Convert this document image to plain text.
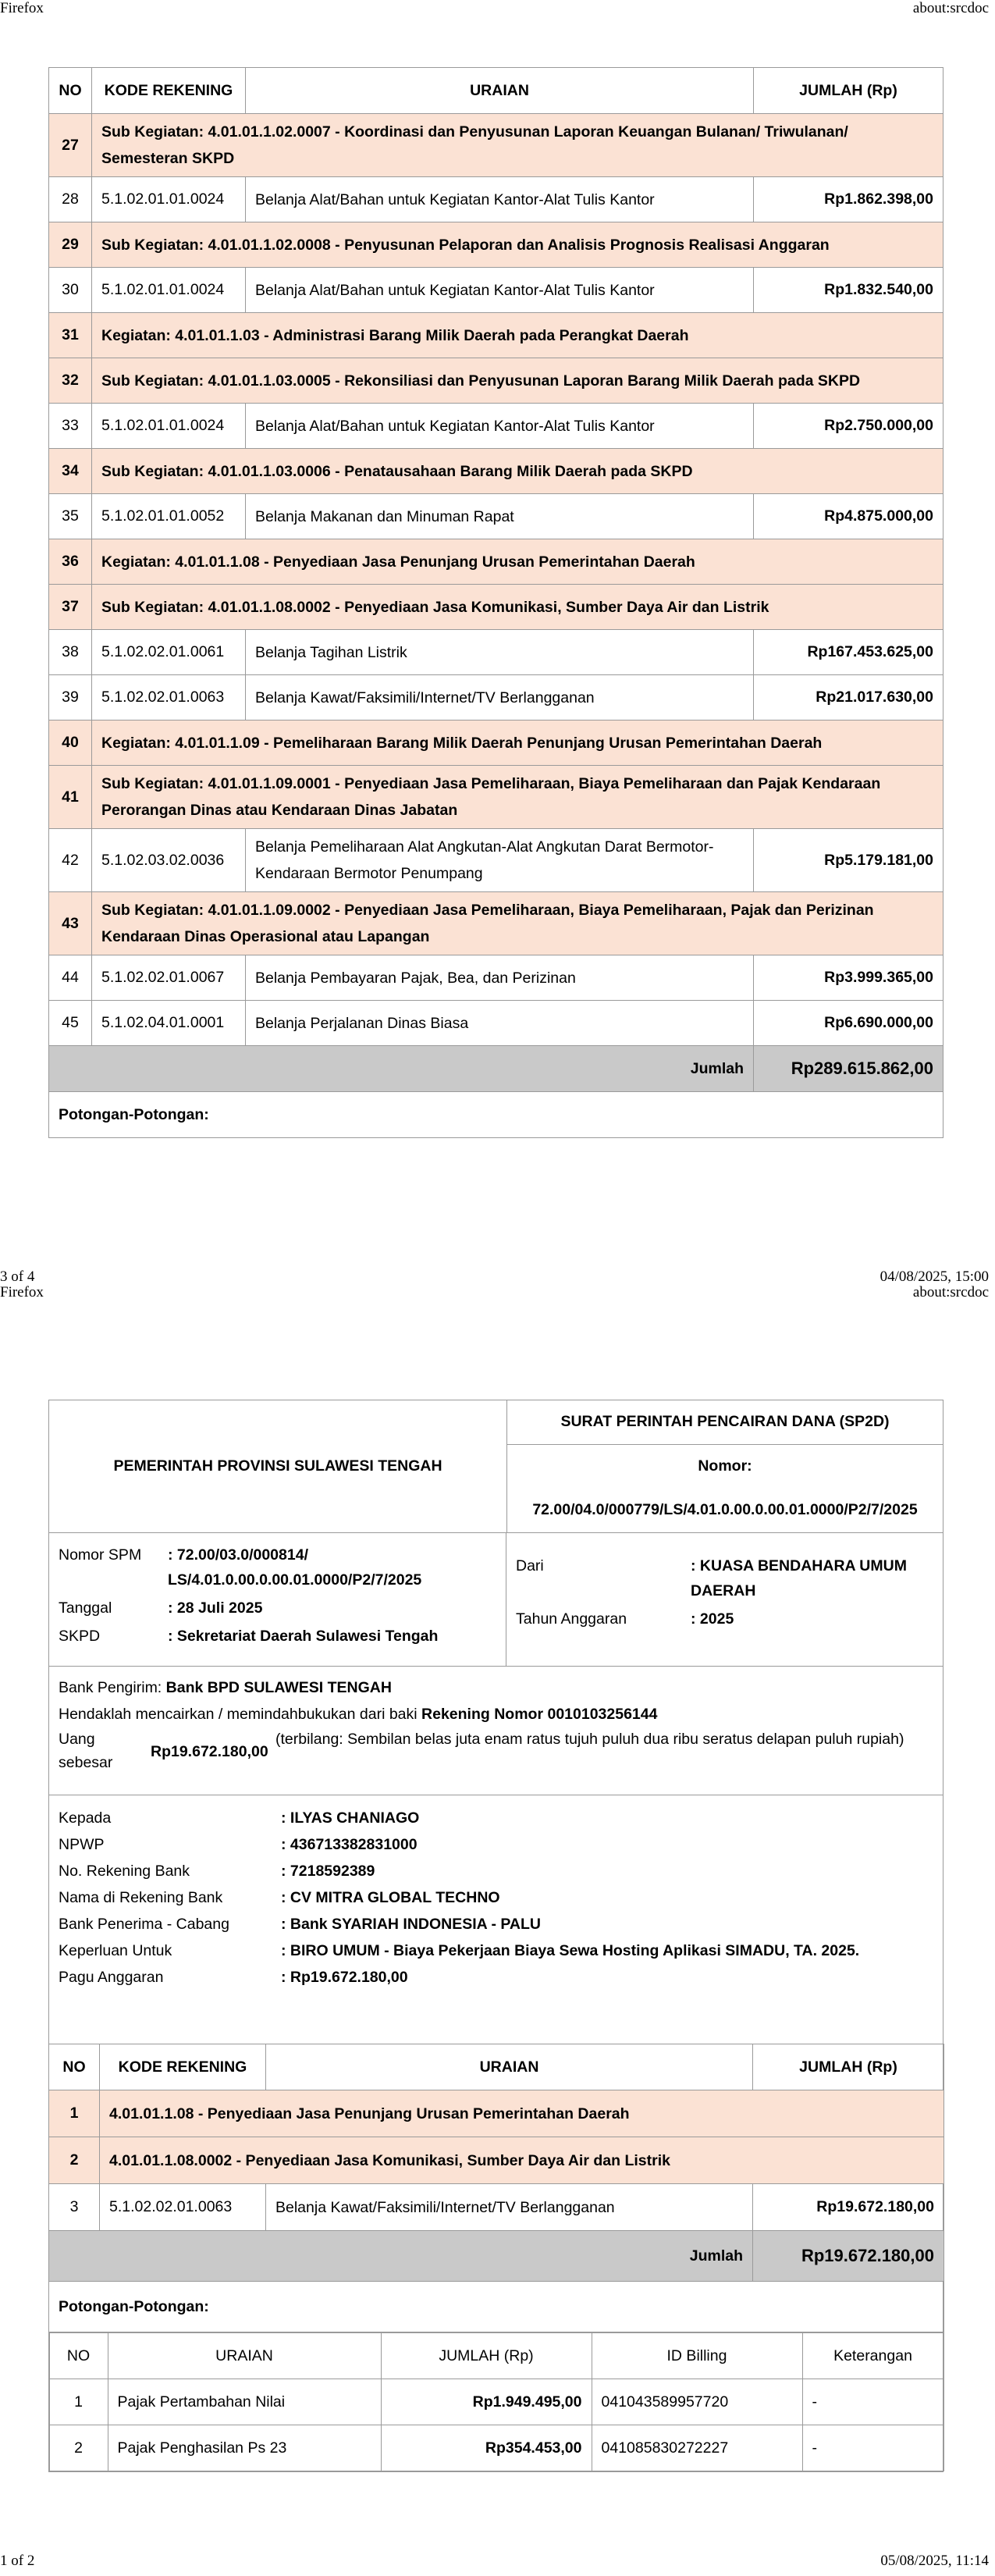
Firefox	about:srcdoc
NO	KODE REKENING	URAIAN	JUMLAH (Rp)
27	Sub Kegiatan: 4.01.01.1.02.0007 - Koordinasi dan Penyusunan Laporan Keuangan Bulanan/ Triwulanan/ Semesteran SKPD		
28	5.1.02.01.01.0024	Belanja Alat/Bahan untuk Kegiatan Kantor-Alat Tulis Kantor	Rp1.862.398,00
29	Sub Kegiatan: 4.01.01.1.02.0008 - Penyusunan Pelaporan dan Analisis Prognosis Realisasi Anggaran		
30	5.1.02.01.01.0024	Belanja Alat/Bahan untuk Kegiatan Kantor-Alat Tulis Kantor	Rp1.832.540,00
31	Kegiatan: 4.01.01.1.03 - Administrasi Barang Milik Daerah pada Perangkat Daerah		
32	Sub Kegiatan: 4.01.01.1.03.0005 - Rekonsiliasi dan Penyusunan Laporan Barang Milik Daerah pada SKPD		
33	5.1.02.01.01.0024	Belanja Alat/Bahan untuk Kegiatan Kantor-Alat Tulis Kantor	Rp2.750.000,00
34	Sub Kegiatan: 4.01.01.1.03.0006 - Penatausahaan Barang Milik Daerah pada SKPD		
35	5.1.02.01.01.0052	Belanja Makanan dan Minuman Rapat	Rp4.875.000,00
36	Kegiatan: 4.01.01.1.08 - Penyediaan Jasa Penunjang Urusan Pemerintahan Daerah		
37	Sub Kegiatan: 4.01.01.1.08.0002 - Penyediaan Jasa Komunikasi, Sumber Daya Air dan Listrik		
38	5.1.02.02.01.0061	Belanja Tagihan Listrik	Rp167.453.625,00
39	5.1.02.02.01.0063	Belanja Kawat/Faksimili/Internet/TV Berlangganan	Rp21.017.630,00
40	Kegiatan: 4.01.01.1.09 - Pemeliharaan Barang Milik Daerah Penunjang Urusan Pemerintahan Daerah		
41	Sub Kegiatan: 4.01.01.1.09.0001 - Penyediaan Jasa Pemeliharaan, Biaya Pemeliharaan dan Pajak Kendaraan Perorangan Dinas atau Kendaraan Dinas Jabatan		
42	5.1.02.03.02.0036	Belanja Pemeliharaan Alat Angkutan-Alat Angkutan Darat Bermotor-Kendaraan Bermotor Penumpang	Rp5.179.181,00
43	Sub Kegiatan: 4.01.01.1.09.0002 - Penyediaan Jasa Pemeliharaan, Biaya Pemeliharaan, Pajak dan Perizinan Kendaraan Dinas Operasional atau Lapangan		
44	5.1.02.02.01.0067	Belanja Pembayaran Pajak, Bea, dan Perizinan	Rp3.999.365,00
45	5.1.02.04.01.0001	Belanja Perjalanan Dinas Biasa	Rp6.690.000,00
Jumlah			Rp289.615.862,00
Potongan-Potongan:			
3 of 4	04/08/2025, 15:00
Firefox	about:srcdoc
PEMERINTAH PROVINSI SULAWESI TENGAH
SURAT PERINTAH PENCAIRAN DANA (SP2D)
Nomor:
72.00/04.0/000779/LS/4.01.0.00.0.00.01.0000/P2/7/2025
Nomor SPM	: 72.00/03.0/000814/ LS/4.01.0.00.0.00.01.0000/P2/7/2025
Tanggal	: 28 Juli 2025
SKPD	: Sekretariat Daerah Sulawesi Tengah
Dari	: KUASA BENDAHARA UMUM DAERAH
Tahun Anggaran	: 2025
Bank Pengirim: Bank BPD SULAWESI TENGAH
Hendaklah mencairkan / memindahbukukan dari baki Rekening Nomor 0010103256144
Uang sebesar
Rp19.672.180,00
(terbilang: Sembilan belas juta enam ratus tujuh puluh dua ribu seratus delapan puluh rupiah)
Kepada	: ILYAS CHANIAGO
NPWP	: 436713382831000
No. Rekening Bank	: 7218592389
Nama di Rekening Bank	: CV MITRA GLOBAL TECHNO
Bank Penerima - Cabang	: Bank SYARIAH INDONESIA - PALU
Keperluan Untuk	: BIRO UMUM - Biaya Pekerjaan Biaya Sewa Hosting Aplikasi SIMADU, TA. 2025.
Pagu Anggaran	: Rp19.672.180,00
NO	KODE REKENING	URAIAN	JUMLAH (Rp)
1	4.01.01.1.08 - Penyediaan Jasa Penunjang Urusan Pemerintahan Daerah
2	4.01.01.1.08.0002 - Penyediaan Jasa Komunikasi, Sumber Daya Air dan Listrik
3	5.1.02.02.01.0063	Belanja Kawat/Faksimili/Internet/TV Berlangganan	Rp19.672.180,00
Jumlah	Rp19.672.180,00
Potongan-Potongan:

NO	URAIAN	JUMLAH (Rp)	ID Billing	Keterangan
1	Pajak Pertambahan Nilai	Rp1.949.495,00	041043589957720	-
2	Pajak Penghasilan Ps 23	Rp354.453,00	041085830272227	-
1 of 2	05/08/2025, 11:14
